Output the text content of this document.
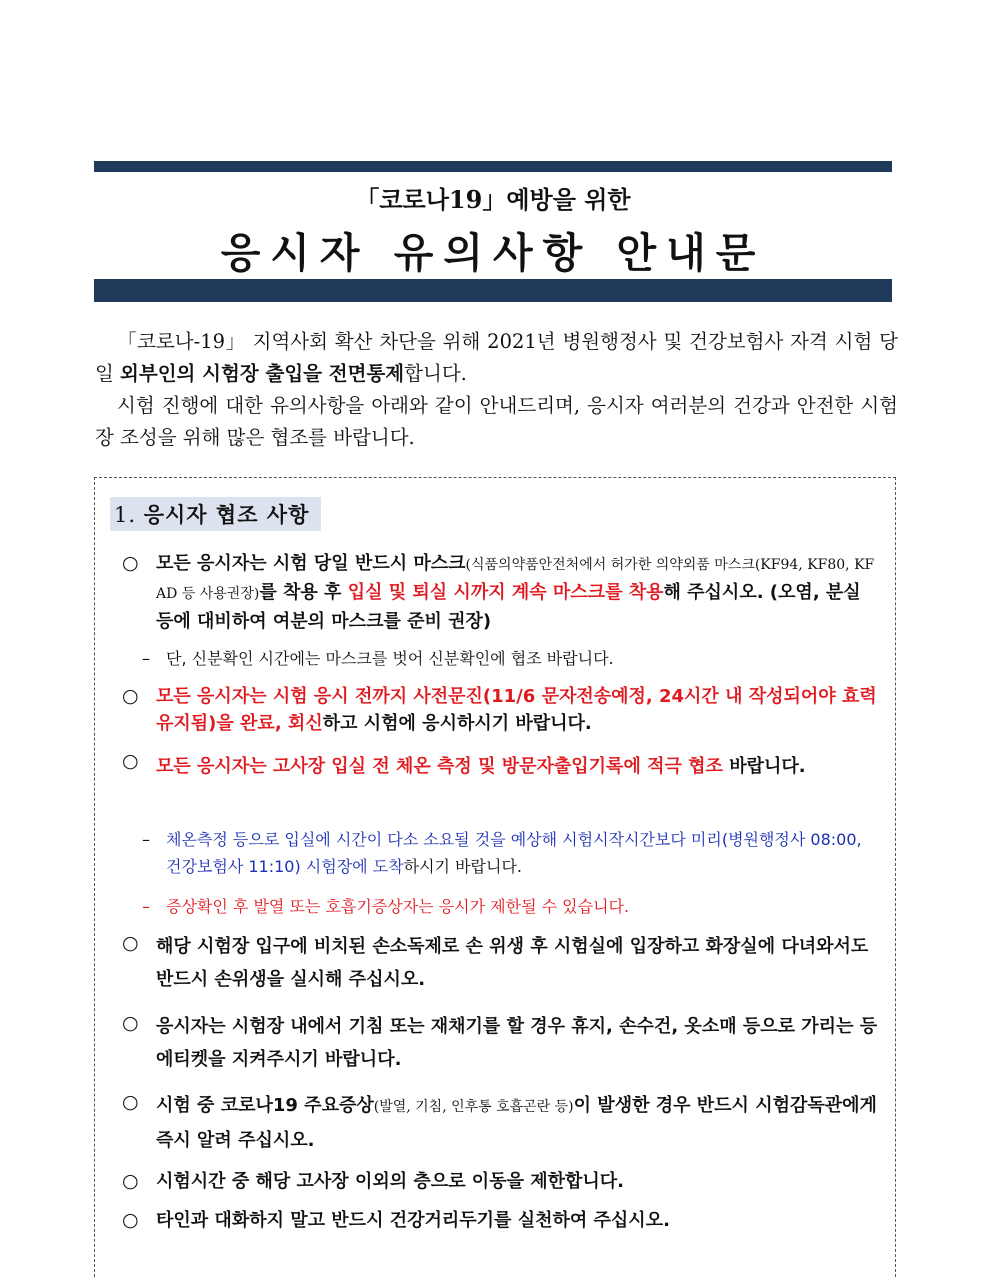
「코로나19」예방을 위한
응시자 유의사항 안내문

「코로나-19」 지역사회 확산 차단을 위해 2021년 병원행정사 및 건강보험사 자격 시험 당일 외부인의 시험장 출입을 전면통제합니다.

시험 진행에 대한 유의사항을 아래와 같이 안내드리며, 응시자 여러분의 건강과 안전한 시험장 조성을 위해 많은 협조를 바랍니다.

1. 응시자 협조 사항
○ 모든 응시자는 시험 당일 반드시 마스크(식품의약품안전처에서 허가한 의약외품 마스크(KF94, KF80, KF AD 등 사용권장)를 착용 후 입실 및 퇴실 시까지 계속 마스크를 착용해 주십시오. (오염, 분실 등에 대비하여 여분의 마스크를 준비 권장)
– 단, 신분확인 시간에는 마스크를 벗어 신분확인에 협조 바랍니다.
○ 모든 응시자는 시험 응시 전까지 사전문진(11/6 문자전송예정, 24시간 내 작성되어야 효력 유지됨)을 완료, 회신하고 시험에 응시하시기 바랍니다.
○ 모든 응시자는 고사장 입실 전 체온 측정 및 방문자출입기록에 적극 협조 바랍니다.
– 체온측정 등으로 입실에 시간이 다소 소요될 것을 예상해 시험시작시간보다 미리(병원행정사 08:00, 건강보험사 11:10) 시험장에 도착하시기 바랍니다.
– 증상확인 후 발열 또는 호흡기증상자는 응시가 제한될 수 있습니다.
○ 해당 시험장 입구에 비치된 손소독제로 손 위생 후 시험실에 입장하고 화장실에 다녀와서도 반드시 손위생을 실시해 주십시오.
○ 응시자는 시험장 내에서 기침 또는 재채기를 할 경우 휴지, 손수건, 옷소매 등으로 가리는 등 에티켓을 지켜주시기 바랍니다.
○ 시험 중 코로나19 주요증상(발열, 기침, 인후통 호흡곤란 등)이 발생한 경우 반드시 시험감독관에게 즉시 알려 주십시오.
○ 시험시간 중 해당 고사장 이외의 층으로 이동을 제한합니다.
○ 타인과 대화하지 말고 반드시 건강거리두기를 실천하여 주십시오.
